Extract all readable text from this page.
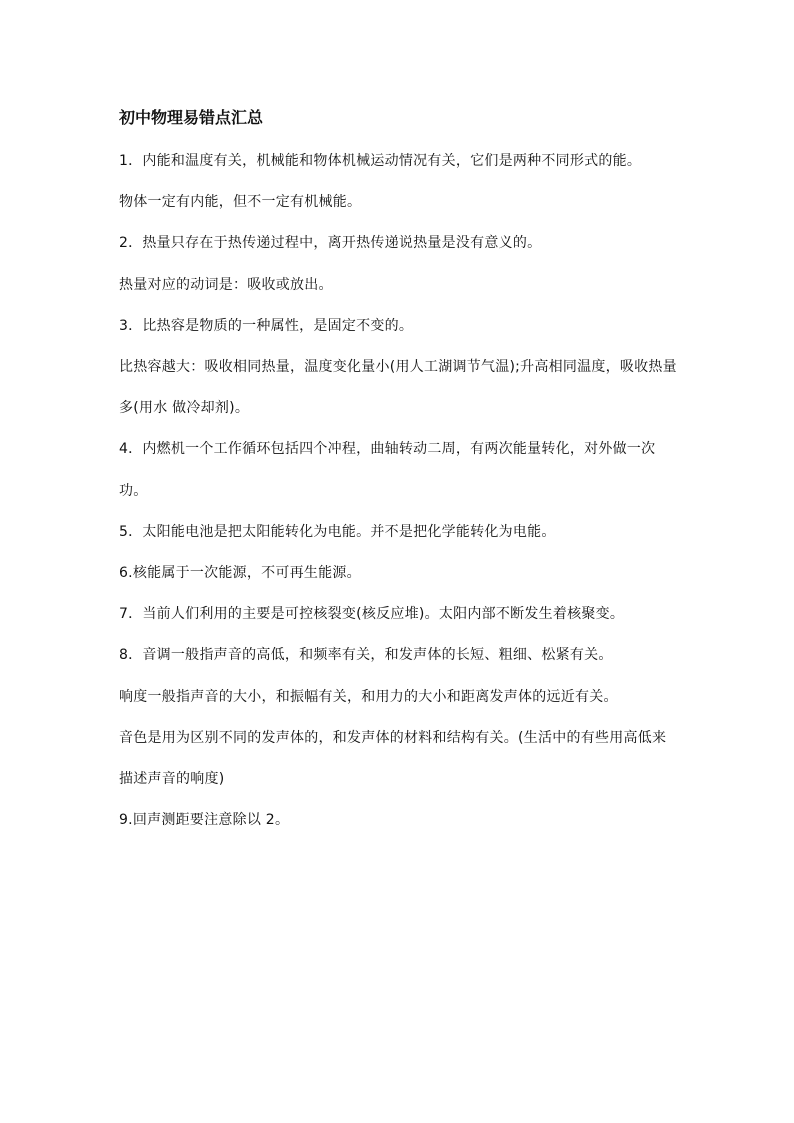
初中物理易错点汇总

1．内能和温度有关，机械能和物体机械运动情况有关，它们是两种不同形式的能。

物体一定有内能，但不一定有机械能。

2．热量只存在于热传递过程中，离开热传递说热量是没有意义的。

热量对应的动词是：吸收或放出。

3．比热容是物质的一种属性，是固定不变的。

比热容越大：吸收相同热量，温度变化量小(用人工湖调节气温);升高相同温度，吸收热量多(用水 做冷却剂)。

4．内燃机一个工作循环包括四个冲程，曲轴转动二周，有两次能量转化，对外做一次功。

5．太阳能电池是把太阳能转化为电能。并不是把化学能转化为电能。

6.核能属于一次能源，不可再生能源。

7．当前人们利用的主要是可控核裂变(核反应堆)。太阳内部不断发生着核聚变。

8．音调一般指声音的高低，和频率有关，和发声体的长短、粗细、松紧有关。

响度一般指声音的大小，和振幅有关，和用力的大小和距离发声体的远近有关。

音色是用为区别不同的发声体的，和发声体的材料和结构有关。(生活中的有些用高低来描述声音的响度)

9.回声测距要注意除以 2。
